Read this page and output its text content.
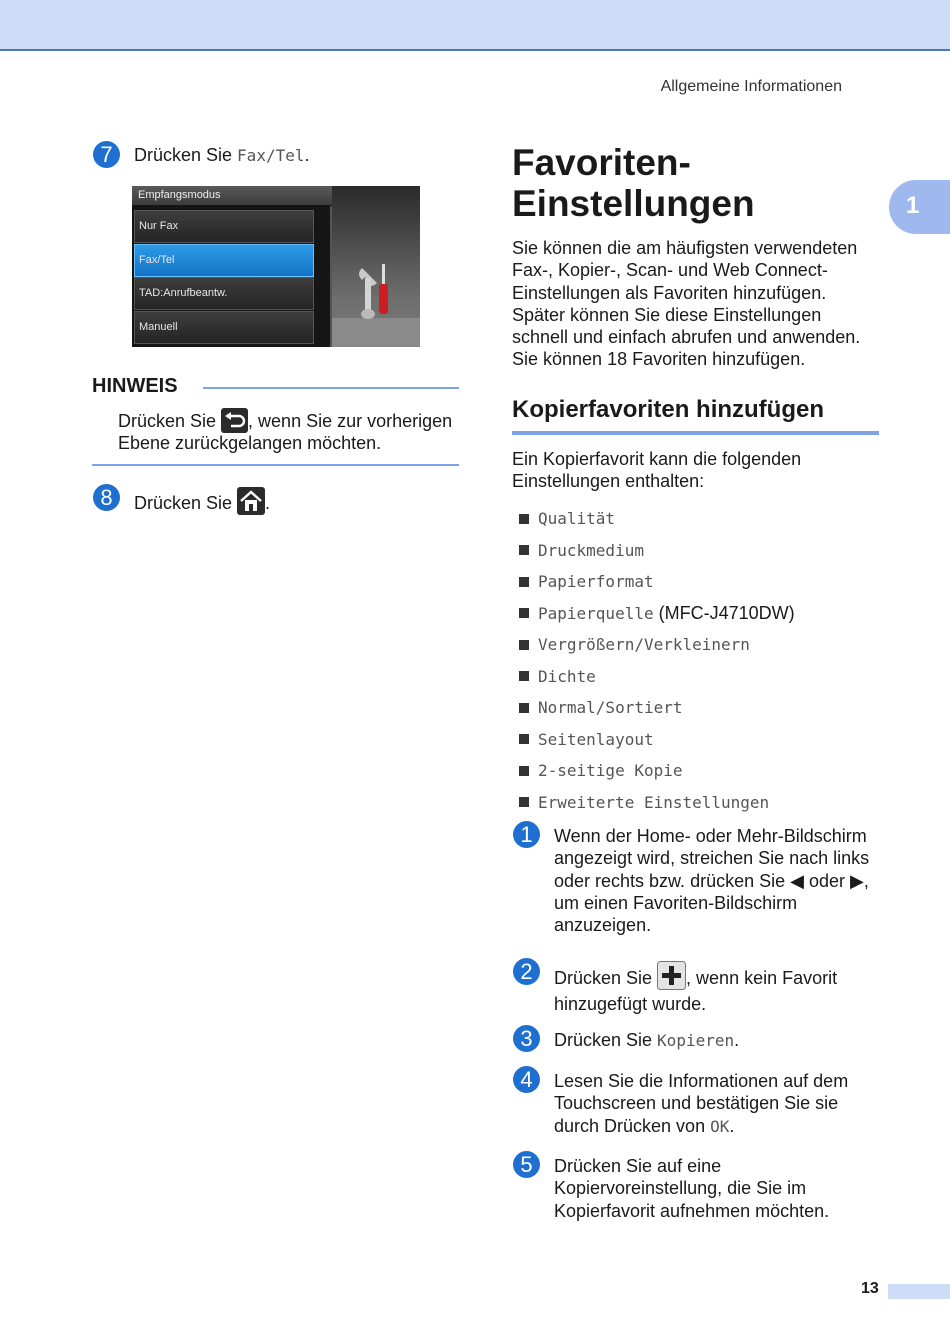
Allgemeine Informationen
1
7	Drücken Sie Fax/Tel.
Empfangsmodus
Nur Fax
Fax/Tel
TAD:Anrufbeantw.
Manuell
HINWEIS
Drücken Sie , wenn Sie zur vorherigen
Ebene zurückgelangen möchten.
8	Drücken Sie .
Favoriten-
Einstellungen
Sie können die am häufigsten verwendeten
Fax-, Kopier-, Scan- und Web Connect-
Einstellungen als Favoriten hinzufügen.
Später können Sie diese Einstellungen
schnell und einfach abrufen und anwenden.
Sie können 18 Favoriten hinzufügen.
Kopierfavoriten hinzufügen
Ein Kopierfavorit kann die folgenden
Einstellungen enthalten:
Qualität
Druckmedium
Papierformat
Papierquelle (MFC-J4710DW)
Vergrößern/Verkleinern
Dichte
Normal/Sortiert
Seitenlayout
2-seitige Kopie
Erweiterte Einstellungen
1	Wenn der Home- oder Mehr-Bildschirm
angezeigt wird, streichen Sie nach links
oder rechts bzw. drücken Sie ◀ oder ▶,
um einen Favoriten-Bildschirm
anzuzeigen.
2	Drücken Sie , wenn kein Favorit
hinzugefügt wurde.
3	Drücken Sie Kopieren.
4	Lesen Sie die Informationen auf dem
Touchscreen und bestätigen Sie sie
durch Drücken von OK.
5	Drücken Sie auf eine
Kopiervoreinstellung, die Sie im
Kopierfavorit aufnehmen möchten.
13
